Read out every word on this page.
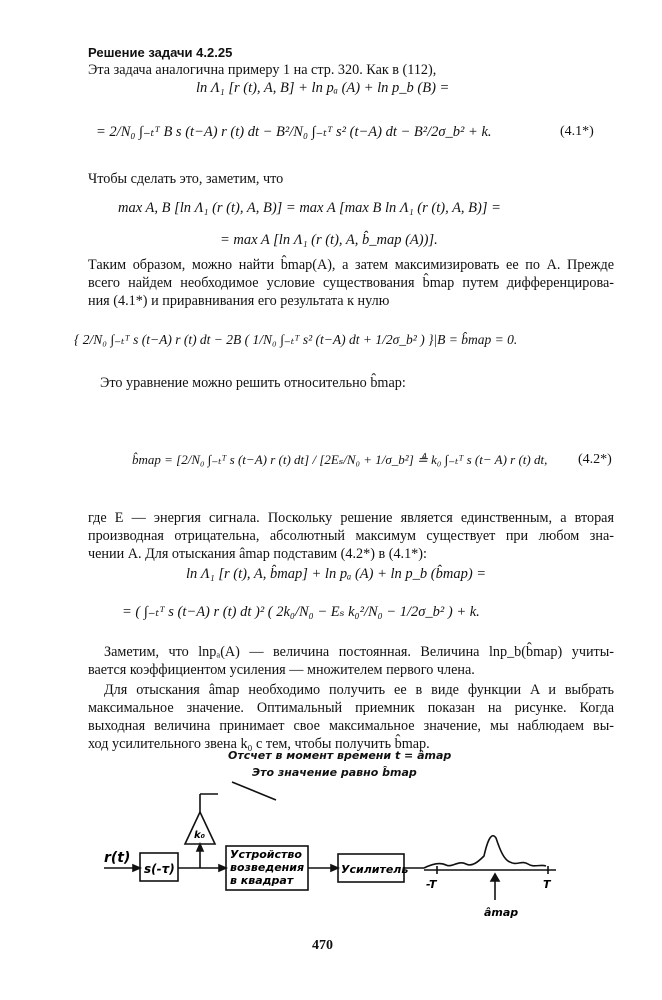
Решение задачи 4.2.25
Эта задача аналогична примеру 1 на стр. 320. Как в (112),
ln Λ₁ [r (t), A, B] + ln pₐ (A) + ln p_b (B) =
= 2/N₀ ∫₋ₜᵀ B s (t−A) r (t) dt − B²/N₀ ∫₋ₜᵀ s² (t−A) dt − B²/2σ_b² + k.	(4.1*)
Чтобы сделать это, заметим, что
max A, B [ln Λ₁ (r (t), A, B)] = max A [max B ln Λ₁ (r (t), A, B)] =
= max A [ln Λ₁ (r (t), A, b̂_map (A))].
Таким образом, можно найти b̂map(A), а затем максимизировать ее по A. Прежде
всего найдем необходимое условие существования b̂map путем дифференцирова-
ния (4.1*) и приравнивания его результата к нулю
{ 2/N₀ ∫₋ₜᵀ s (t−A) r (t) dt − 2B ( 1/N₀ ∫₋ₜᵀ s² (t−A) dt + 1/2σ_b² ) }|B = b̂map = 0.
Это уравнение можно решить относительно b̂map:
b̂map = [2/N₀ ∫₋ₜᵀ s (t−A) r (t) dt] / [2Eₛ/N₀ + 1/σ_b²] ≜ k₀ ∫₋ₜᵀ s (t− A) r (t) dt, (4.2*)
где E — энергия сигнала. Поскольку решение является единственным, а вторая
производная отрицательна, абсолютный максимум существует при любом зна-
чении A. Для отыскания âmap подставим (4.2*) в (4.1*):
ln Λ₁ [r (t), A, b̂map] + ln pₐ (A) + ln p_b (b̂map) =
= ( ∫₋ₜᵀ s (t−A) r (t) dt )² ( 2k₀/N₀ − Eₛ k₀²/N₀ − 1/2σ_b² ) + k.
Заметим, что lnpₐ(A) — величина постоянная. Величина lnp_b(b̂map) учиты-
вается коэффициентом усиления — множителем первого члена.
Для отыскания âmap необходимо получить ее в виде функции A и выбрать
максимальное значение. Оптимальный приемник показан на рисунке. Когда
выходная величина принимает свое максимальное значение, мы наблюдаем вы-
ход усилительного звена k₀ с тем, чтобы получить b̂map.
Отсчет в момент времени t = âmap
Это значение равно b̂map
r(t)
s(-τ)
k₀
Устройство
возведения
в квадрат
Усилитель
-T	T
âmap
470
